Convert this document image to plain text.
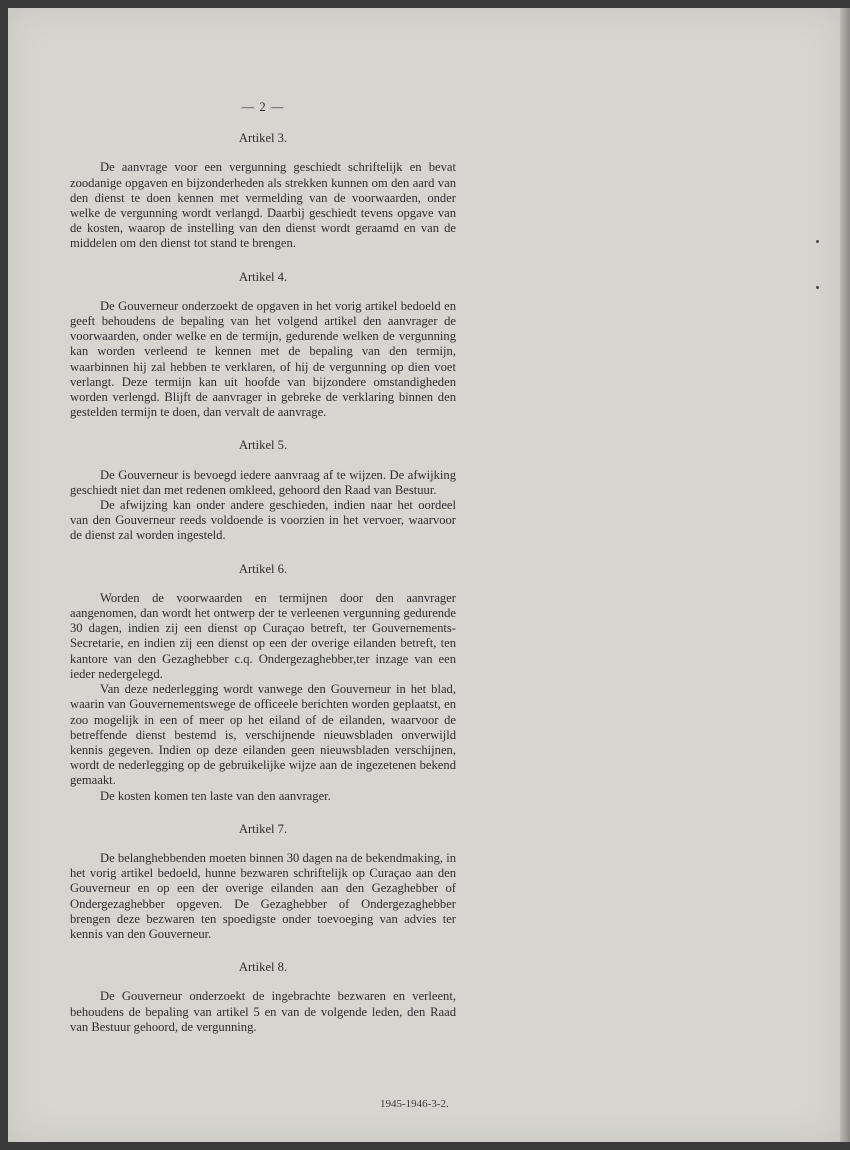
— 2 —
Artikel 3.

De aanvrage voor een vergunning geschiedt schriftelijk en bevat zoodanige opgaven en bijzonderheden als strekken kunnen om den aard van den dienst te doen kennen met vermelding van de voorwaarden, onder welke de vergunning wordt verlangd. Daarbij geschiedt tevens opgave van de kosten, waarop de instelling van den dienst wordt geraamd en van de middelen om den dienst tot stand te brengen.

Artikel 4.

De Gouverneur onderzoekt de opgaven in het vorig artikel bedoeld en geeft behoudens de bepaling van het volgend artikel den aanvrager de voorwaarden, onder welke en de termijn, gedurende welken de vergunning kan worden verleend te kennen met de bepaling van den termijn, waarbinnen hij zal hebben te verklaren, of hij de vergunning op dien voet verlangt. Deze termijn kan uit hoofde van bijzondere omstandigheden worden verlengd. Blijft de aanvrager in gebreke de verklaring binnen den gestelden termijn te doen, dan vervalt de aanvrage.

Artikel 5.

De Gouverneur is bevoegd iedere aanvraag af te wijzen. De afwijking geschiedt niet dan met redenen omkleed, gehoord den Raad van Bestuur.

De afwijzing kan onder andere geschieden, indien naar het oordeel van den Gouverneur reeds voldoende is voorzien in het vervoer, waarvoor de dienst zal worden ingesteld.

Artikel 6.

Worden de voorwaarden en termijnen door den aanvrager aangenomen, dan wordt het ontwerp der te verleenen vergunning gedurende 30 dagen, indien zij een dienst op Curaçao betreft, ter Gouvernements-Secretarie, en indien zij een dienst op een der overige eilanden betreft, ten kantore van den Gezaghebber c.q. Ondergezaghebber,ter inzage van een ieder nedergelegd.

Van deze nederlegging wordt vanwege den Gouverneur in het blad, waarin van Gouvernementswege de officeele berichten worden geplaatst, en zoo mogelijk in een of meer op het eiland of de eilanden, waarvoor de betreffende dienst bestemd is, verschijnende nieuwsbladen onverwijld kennis gegeven. Indien op deze eilanden geen nieuwsbladen verschijnen, wordt de nederlegging op de gebruikelijke wijze aan de ingezetenen bekend gemaakt.

De kosten komen ten laste van den aanvrager.

Artikel 7.

De belanghebbenden moeten binnen 30 dagen na de bekendmaking, in het vorig artikel bedoeld, hunne bezwaren schriftelijk op Curaçao aan den Gouverneur en op een der overige eilanden aan den Gezaghebber of Ondergezaghebber opgeven. De Gezaghebber of Ondergezaghebber brengen deze bezwaren ten spoedigste onder toevoeging van advies ter kennis van den Gouverneur.

Artikel 8.

De Gouverneur onderzoekt de ingebrachte bezwaren en verleent, behoudens de bepaling van artikel 5 en van de volgende leden, den Raad van Bestuur gehoord, de vergunning.

1945-1946-3-2.
